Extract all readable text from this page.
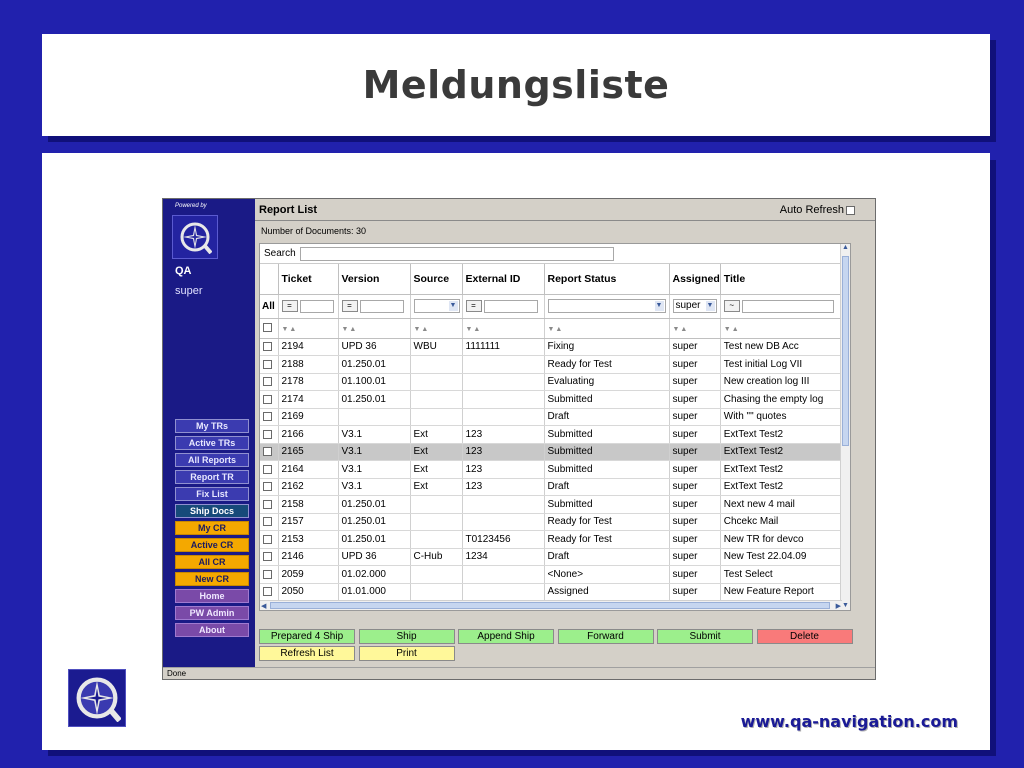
Meldungsliste
Powered by
QA
super
My TRs
Active TRs
All Reports
Report TR
Fix List
Ship Docs
My CR
Active CR
All CR
New CR
Home
PW Admin
About
Report List	Auto Refresh
Number of Documents: 30
Search
	Ticket	Version	Source	External ID	Report Status	Assigned	Title
All	=	=	▼	=	▼	super ▼	~
	▼▲	▼▲	▼▲	▼▲	▼▲	▼▲	▼▲
	2194	UPD 36	WBU	1111111	Fixing	super	Test new DB Acc
	2188	01.250.01			Ready for Test	super	Test initial Log VII
	2178	01.100.01			Evaluating	super	New creation log III
	2174	01.250.01			Submitted	super	Chasing the empty log
	2169				Draft	super	With "" quotes
	2166	V3.1	Ext	123	Submitted	super	ExtText Test2
	2165	V3.1	Ext	123	Submitted	super	ExtText Test2
	2164	V3.1	Ext	123	Submitted	super	ExtText Test2
	2162	V3.1	Ext	123	Draft	super	ExtText Test2
	2158	01.250.01			Submitted	super	Next new 4 mail
	2157	01.250.01			Ready for Test	super	Chcekc Mail
	2153	01.250.01		T0123456	Ready for Test	super	New TR for devco
	2146	UPD 36	C-Hub	1234	Draft	super	New Test 22.04.09
	2059	01.02.000			<None>	super	Test Select
	2050	01.01.000			Assigned	super	New Feature Report

▲
▼
◀	▶
Prepared 4 Ship	Ship	Append Ship	Forward	Submit	Delete
Refresh List	Print
Done
www.qa-navigation.com
